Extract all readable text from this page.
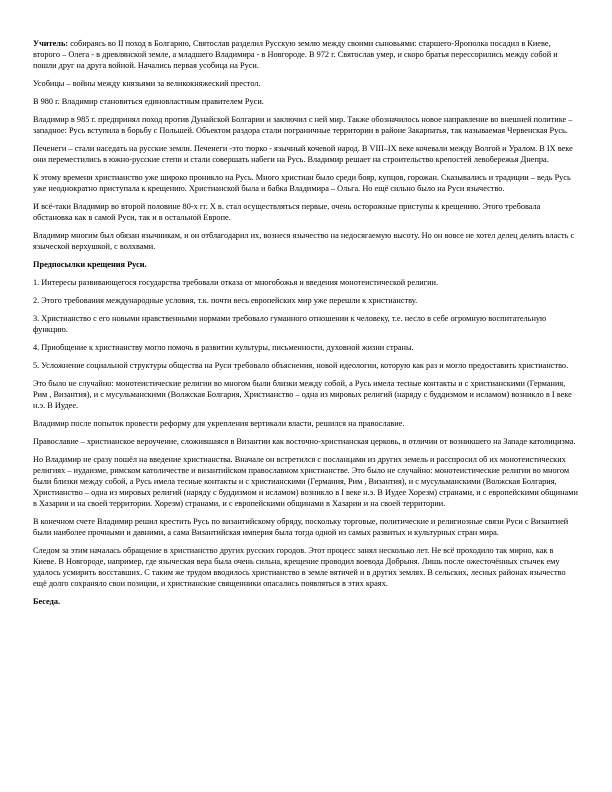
Учитель: собираясь во II поход в Болгарию, Святослав разделил Русскую землю между своими сыновьями: старшего-Ярополка посадил в Киеве, второго – Олега - в древлянской земле, а младшего Владимира - в Новгороде. В 972 г. Святослав умер, и скоро братья перессорились между собой и пошли друг на друга войной. Начались первая усобица на Руси.

Усобицы – войны между князьями за великокняжеский престол.

В 980 г. Владимир становиться единовластным правителем Руси.

Владимир в 985 г. предпринял поход против Дунайской Болгарии и заключил с ней мир. Также обозначилось новое направление во внешней политике – западное: Русь вступила в борьбу с Польшей. Объектом раздора стали пограничные территории в районе Закарпатья, так называемая Червенская Русь.

Печенеги – стали наседать на русские земли. Печенеги -это тюрко - язычный кочевой народ. В VIII–IX веке кочевали между Волгой и Уралом. В IX веке они переместились в южно-русские степи и стали совершать набеги на Русь. Владимир решает на строительство крепостей левобережья Днепра.

К этому времени христианство уже широко проникло на Русь. Много христиан было среди бояр, купцов, горожан. Сказывались и традиции – ведь Русь уже неоднократно приступала к крещению. Христианской была и бабка Владимира – Ольга. Но ещё сильно было на Руси язычество.

И всё-таки Владимир во второй половине 80-х гг. Х в. стал осуществляться первые, очень осторожные приступы к крещению. Этого требовала обстановка как в самой Руси, так и в остальной Европе.

Владимир многим был обязан язычникам, и он отблагодарил их, вознеся язычество на недосягаемую высоту. Но он вовсе не хотел делец делить власть с языческой верхушкой, с волхвами.

Предпосылки крещения Руси.

1. Интересы развивающегося государства требовали отказа от многобожья и введения монотеистической религии.

2. Этого требования международные условия, т.к. почти весь европейских мир уже перешли к христианству.

3. Христианство с его новыми нравственными нормами требовало гуманного отношении к человеку, т.е. несло в себе огромную воспитательную функцию.

4. Приобщение к христианству могло помочь в развитии культуры, письменности, духовной жизни страны.

5. Усложнение социальной структуры общества на Руси требовало объяснения, новой идеологии, которую как раз и могло предоставить христианство.

Это было не случайно: монотеистические религии во многом были близки между собой, а Русь имела тесные контакты и с христианскими (Германия, Рим , Византия), и с мусульманскими (Волжская Болгария, Христианство – одна из мировых религий (наряду с буддизмом и исламом) возникло в I веке н.э. В Иудее.

Владимир после попыток провести реформу для укрепления вертикали власти, решился на православие.

Православие – христианское вероучение, сложившаяся в Византии как восточно-христианская церковь, в отличии от возникшего на Западе католицизма.

Но Владимир не сразу пошёл на введение христианства. Вначале он встретился с посланцами из других земель и расспросил об их монотеистических религиях – иудаизме, римском католичестве и византийском православном христианстве. Это было не случайно: монотеистические религии во многом были близки между собой, а Русь имела тесные контакты и с христианскими (Германия, Рим , Византия), и с мусульманскими (Волжская Болгария, Христианство – одна из мировых религий (наряду с буддизмом и исламом) возникло в I веке н.э. В Иудее Хорезм) странами, и с европейскими общинами в Хазарии и на своей территории. Хорезм) странами, и с европейскими общинами в Хазарии и на своей территории.

В конечном счете Владимир решил крестить Русь по византийскому обряду, поскольку торговые, политические и религиозные связи Руси с Византией были наиболее прочными и давними, а сама Византийская империя была тогда одной из самых развитых и культурных стран мира.

Следом за этим началась обращение в христианство других русских городов. Этот процесс занял несколько лет. Не всё проходило так мирно, как в Киеве. В Новгороде, например, где языческая вера была очень сильна, крещение проводил воевода Добрыня. Лишь после ожесточённых стычек ему удалось усмирить восставших. С таким же трудом вводилось христианство в земле вятичей и в других землях. В сельских, лесных районах язычество ещё долго сохраняло свои позиции, и христианские священники опасались появляться в этих краях.

Беседа.
